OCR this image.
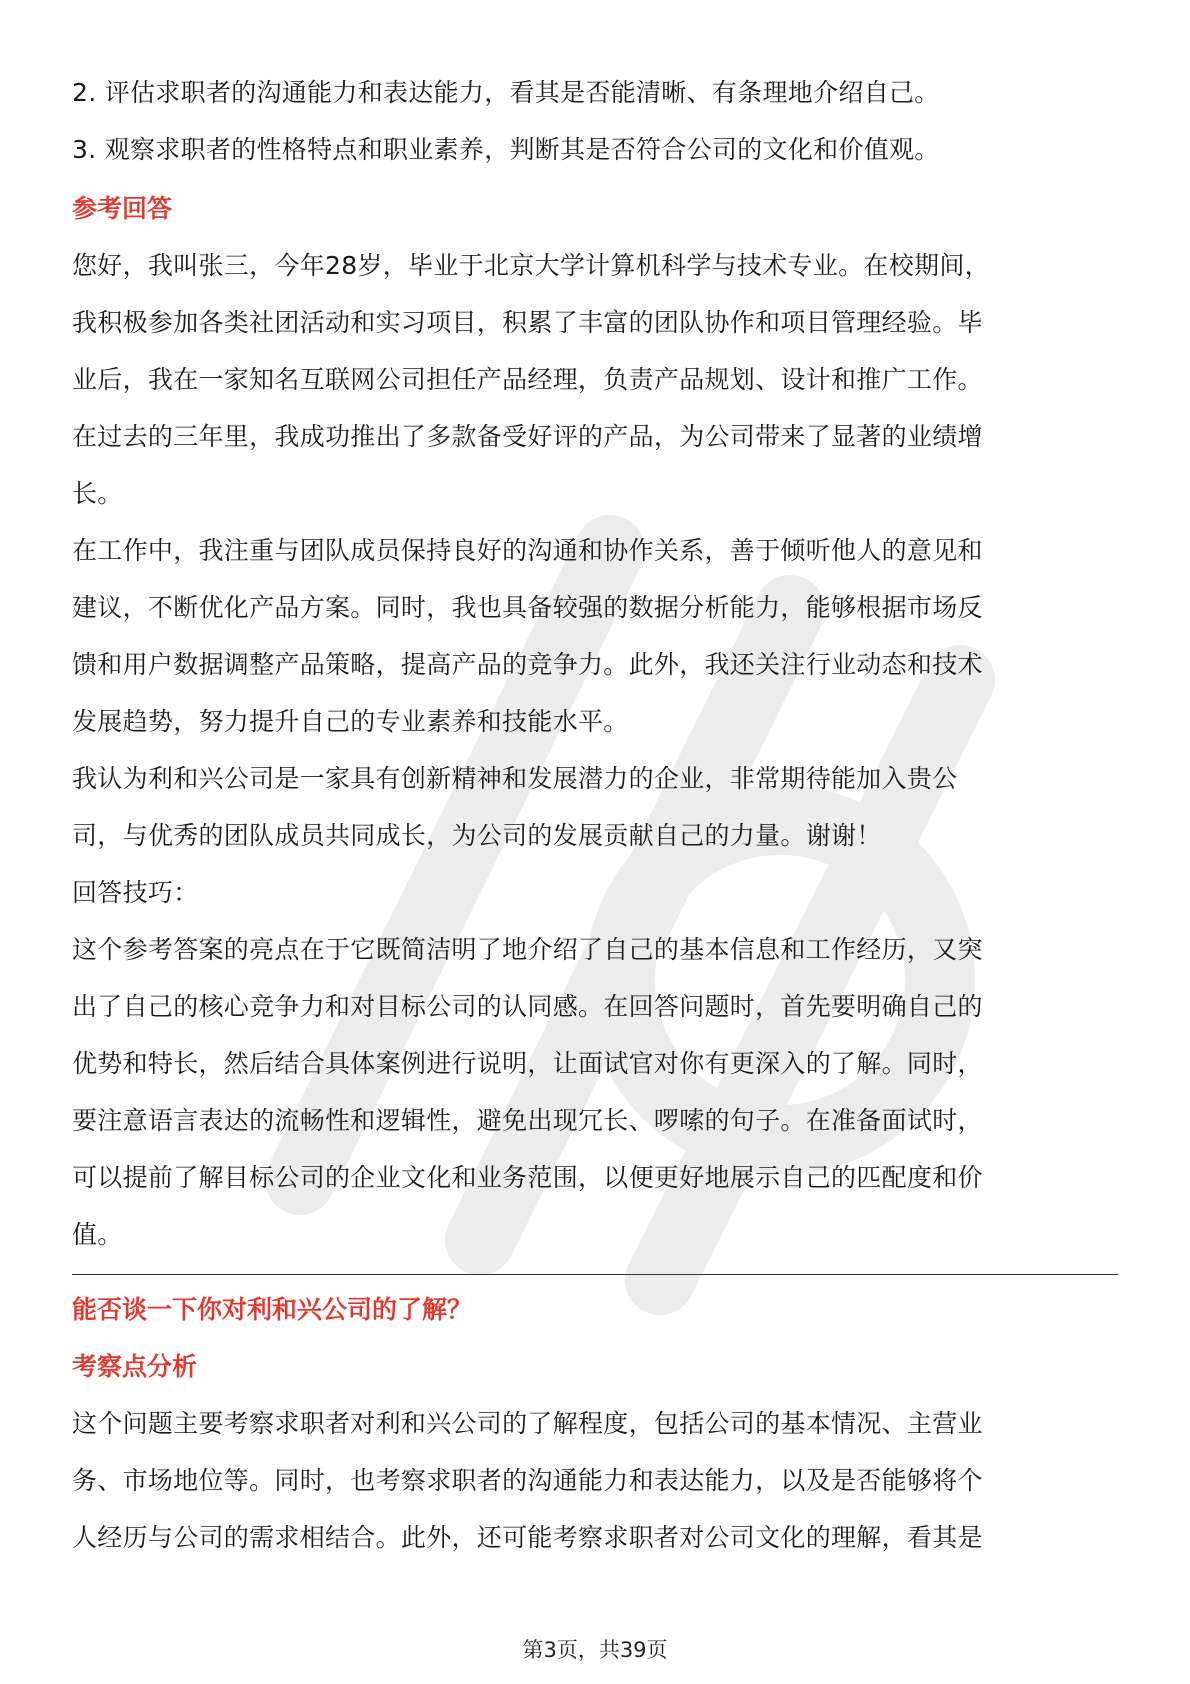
2. 评估求职者的沟通能力和表达能力，看其是否能清晰、有条理地介绍自己。
3. 观察求职者的性格特点和职业素养，判断其是否符合公司的文化和价值观。
参考回答
您好，我叫张三，今年28岁，毕业于北京大学计算机科学与技术专业。在校期间，
我积极参加各类社团活动和实习项目，积累了丰富的团队协作和项目管理经验。毕
业后，我在一家知名互联网公司担任产品经理，负责产品规划、设计和推广工作。
在过去的三年里，我成功推出了多款备受好评的产品，为公司带来了显著的业绩增
长。
在工作中，我注重与团队成员保持良好的沟通和协作关系，善于倾听他人的意见和
建议，不断优化产品方案。同时，我也具备较强的数据分析能力，能够根据市场反
馈和用户数据调整产品策略，提高产品的竞争力。此外，我还关注行业动态和技术
发展趋势，努力提升自己的专业素养和技能水平。
我认为利和兴公司是一家具有创新精神和发展潜力的企业，非常期待能加入贵公
司，与优秀的团队成员共同成长，为公司的发展贡献自己的力量。谢谢！
回答技巧：
这个参考答案的亮点在于它既简洁明了地介绍了自己的基本信息和工作经历，又突
出了自己的核心竞争力和对目标公司的认同感。在回答问题时，首先要明确自己的
优势和特长，然后结合具体案例进行说明，让面试官对你有更深入的了解。同时，
要注意语言表达的流畅性和逻辑性，避免出现冗长、啰嗦的句子。在准备面试时，
可以提前了解目标公司的企业文化和业务范围，以便更好地展示自己的匹配度和价
值。
能否谈一下你对利和兴公司的了解？
考察点分析
这个问题主要考察求职者对利和兴公司的了解程度，包括公司的基本情况、主营业
务、市场地位等。同时，也考察求职者的沟通能力和表达能力，以及是否能够将个
人经历与公司的需求相结合。此外，还可能考察求职者对公司文化的理解，看其是
第3页，共39页
